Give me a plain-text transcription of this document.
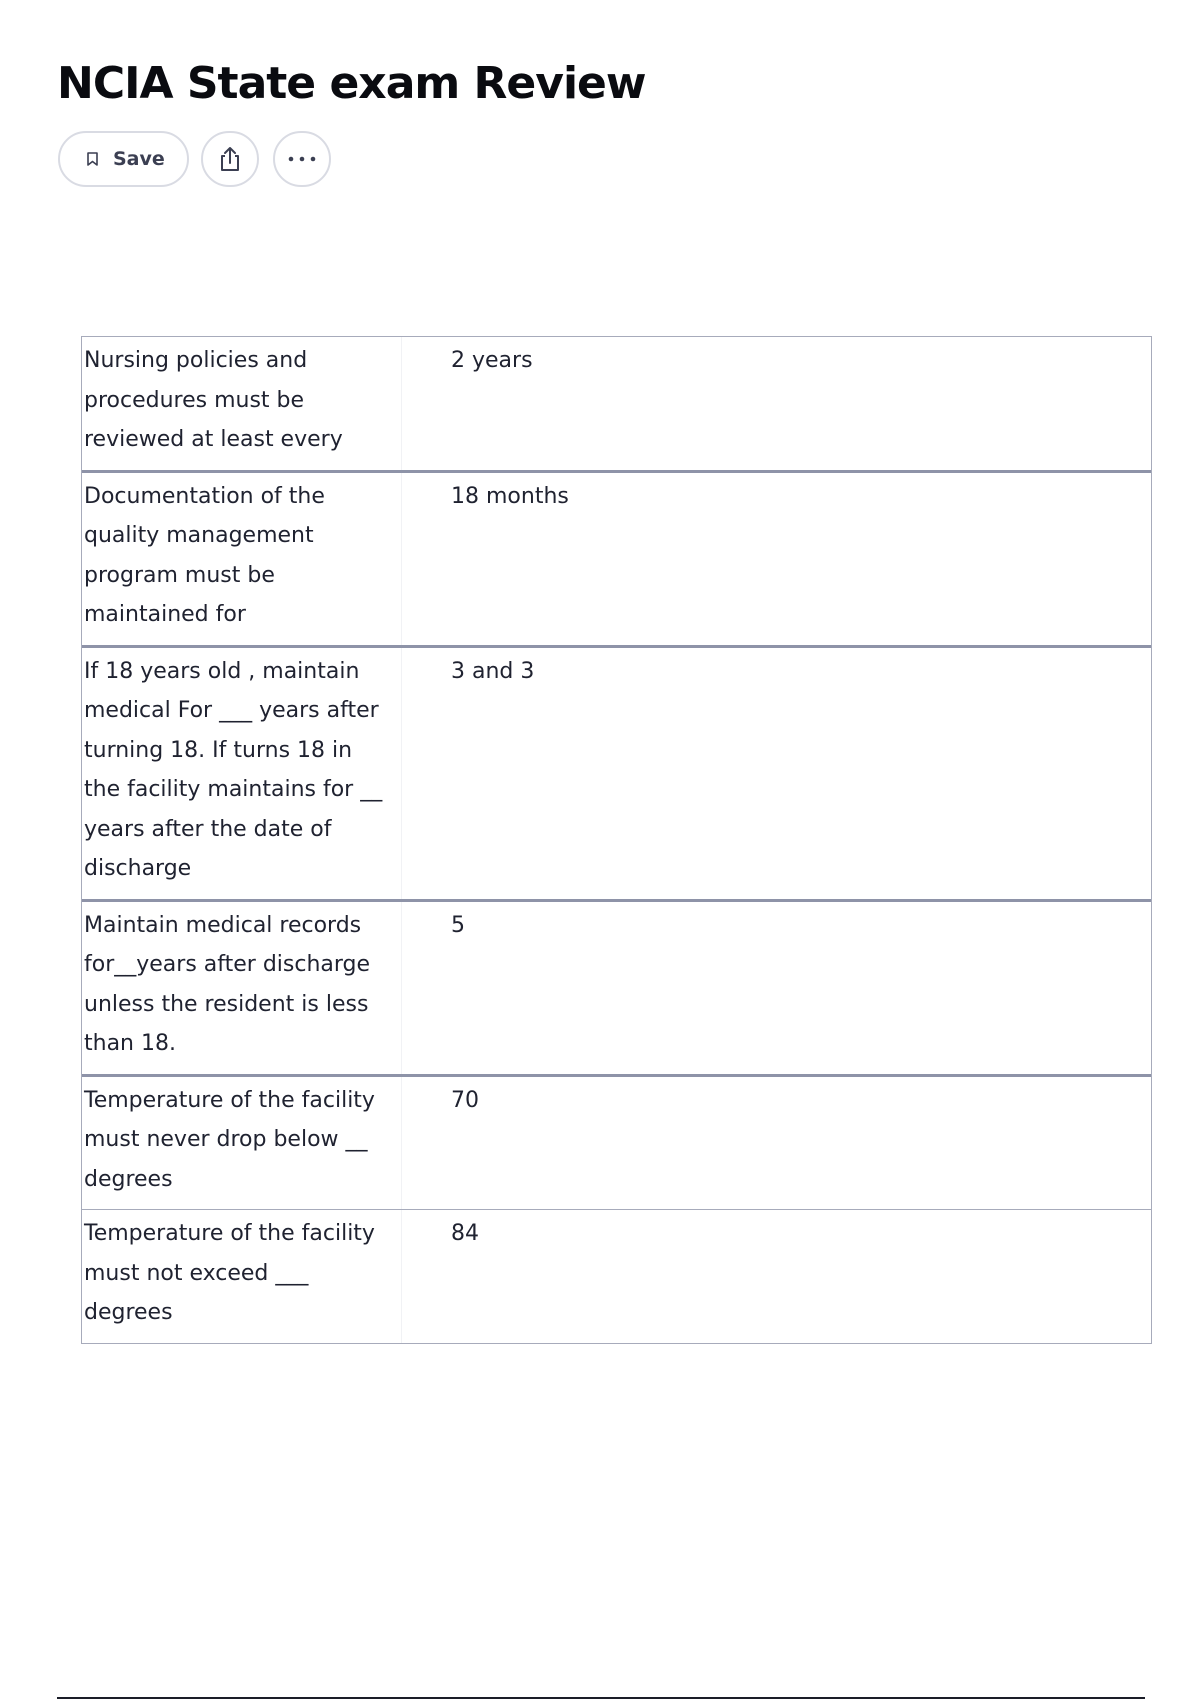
NCIA State exam Review
Save
Nursing policies and procedures must be reviewed at least every
2 years
Documentation of the quality management program must be maintained for
18 months
If 18 years old , maintain medical For ___ years after turning 18. If turns 18 in the facility maintains for __ years after the date of discharge
3 and 3
Maintain medical records for__years after discharge unless the resident is less than 18.
5
Temperature of the facility must never drop below __ degrees
70
Temperature of the facility must not exceed ___ degrees
84
